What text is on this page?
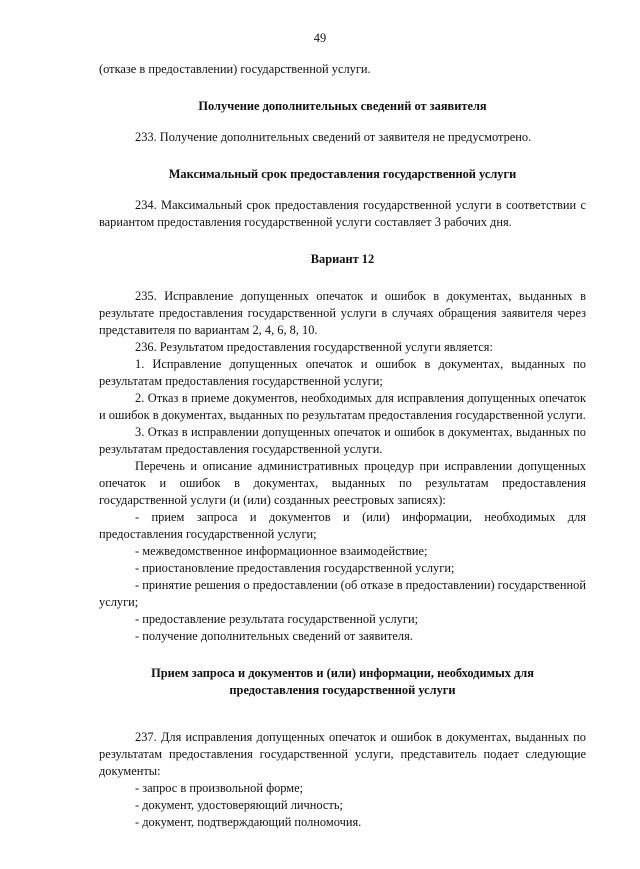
49

(отказе в предоставлении) государственной услуги.

Получение дополнительных сведений от заявителя

233. Получение дополнительных сведений от заявителя не предусмотрено.

Максимальный срок предоставления государственной услуги

234. Максимальный срок предоставления государственной услуги в соответствии с вариантом предоставления государственной услуги составляет 3 рабочих дня.

Вариант 12

235. Исправление допущенных опечаток и ошибок в документах, выданных в результате предоставления государственной услуги в случаях обращения заявителя через представителя по вариантам 2, 4, 6, 8, 10.

236. Результатом предоставления государственной услуги является:

1. Исправление допущенных опечаток и ошибок в документах, выданных по результатам предоставления государственной услуги;

2. Отказ в приеме документов, необходимых для исправления допущенных опечаток и ошибок в документах, выданных по результатам предоставления государственной услуги.

3. Отказ в исправлении допущенных опечаток и ошибок в документах, выданных по результатам предоставления государственной услуги.

Перечень и описание административных процедур при исправлении допущенных опечаток и ошибок в документах, выданных по результатам предоставления государственной услуги (и (или) созданных реестровых записях):

- прием запроса и документов и (или) информации, необходимых для предоставления государственной услуги;

- межведомственное информационное взаимодействие;

- приостановление предоставления государственной услуги;

- принятие решения о предоставлении (об отказе в предоставлении) государственной услуги;

- предоставление результата государственной услуги;

- получение дополнительных сведений от заявителя.

Прием запроса и документов и (или) информации, необходимых для

предоставления государственной услуги

237. Для исправления допущенных опечаток и ошибок в документах, выданных по результатам предоставления государственной услуги, представитель подает следующие документы:

- запрос в произвольной форме;

- документ, удостоверяющий личность;

- документ, подтверждающий полномочия.
